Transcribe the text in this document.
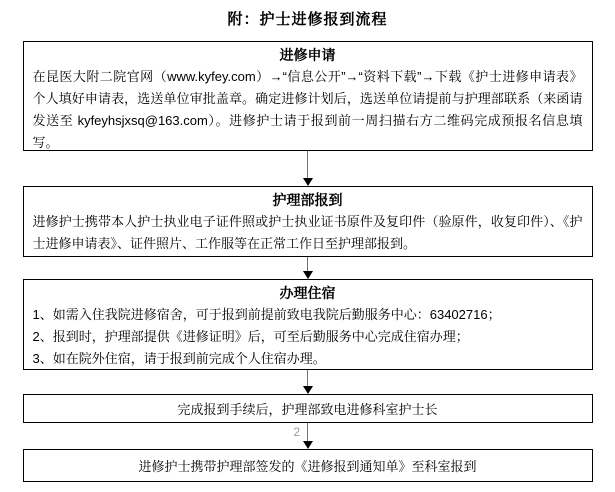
附：护士进修报到流程
进修申请
在昆医大附二院官网（www.kyfey.com）→“信息公开”→“资料下载”→下载《护士进修申请表》 个人填好申请表，选送单位审批盖章。确定进修计划后，选送单位请提前与护理部联系（来函请发送至 kyfeyhsjxsq@163.com）。进修护士请于报到前一周扫描右方二维码完成预报名信息填写。
护理部报到
进修护士携带本人护士执业电子证件照或护士执业证书原件及复印件（验原件，收复印件）、《护士进修申请表》、证件照片、工作服等在正常工作日至护理部报到。
办理住宿
1、如需入住我院进修宿舍，可于报到前提前致电我院后勤服务中心：63402716；
2、报到时，护理部提供《进修证明》后，可至后勤服务中心完成住宿办理；
3、如在院外住宿，请于报到前完成个人住宿办理。
完成报到手续后，护理部致电进修科室护士长
2
进修护士携带护理部签发的《进修报到通知单》至科室报到
